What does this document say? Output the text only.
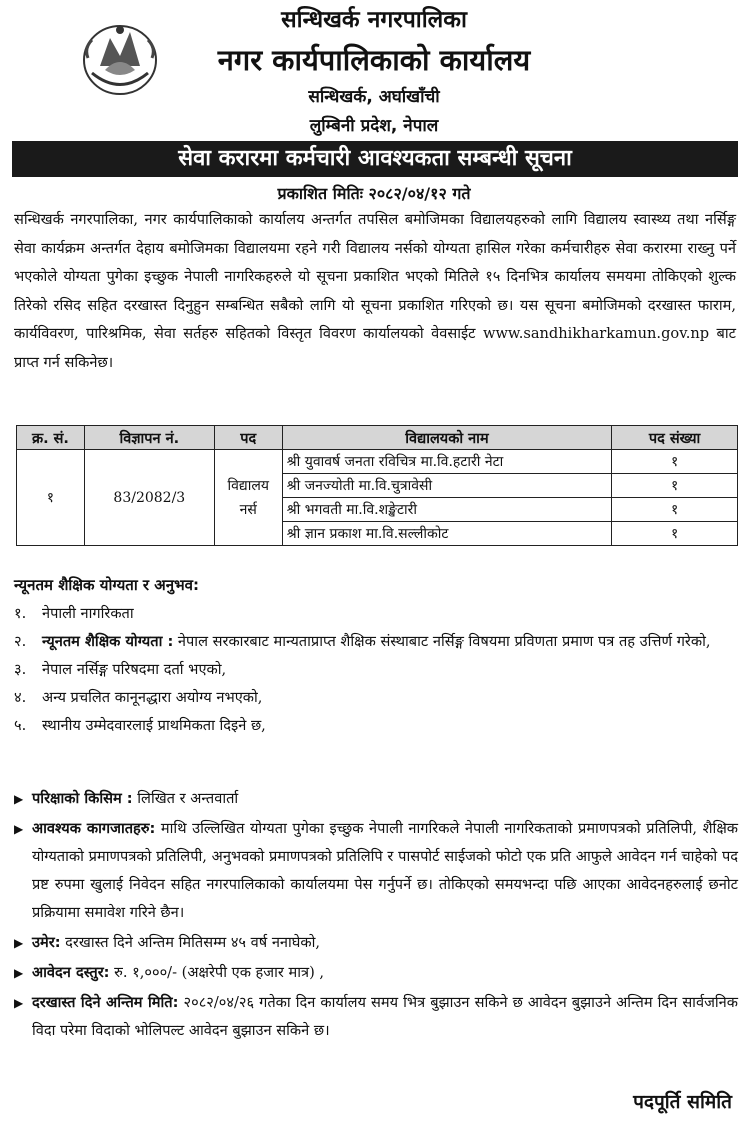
सन्धिखर्क नगरपालिका
नगर कार्यपालिकाको कार्यालय
सन्धिखर्क, अर्घाखाँची
लुम्बिनी प्रदेश, नेपाल
सेवा करारमा कर्मचारी आवश्यकता सम्बन्धी सूचना
प्रकाशित मितिः २०८२/०४/१२ गते
सन्धिखर्क नगरपालिका, नगर कार्यपालिकाको कार्यालय अन्तर्गत तपसिल बमोजिमका विद्यालयहरुको लागि विद्यालय स्वास्थ्य तथा नर्सिङ्ग सेवा कार्यक्रम अन्तर्गत देहाय बमोजिमका विद्यालयमा रहने गरी विद्यालय नर्सको योग्यता हासिल गरेका कर्मचारीहरु सेवा करारमा राख्नु पर्ने भएकोले योग्यता पुगेका इच्छुक नेपाली नागरिकहरुले यो सूचना प्रकाशित भएको मितिले १५ दिनभित्र कार्यालय समयमा तोकिएको शुल्क तिरेको रसिद सहित दरखास्त दिनुहुन सम्बन्धित सबैको लागि यो सूचना प्रकाशित गरिएको छ। यस सूचना बमोजिमको दरखास्त फाराम, कार्यविवरण, पारिश्रमिक, सेवा सर्तहरु सहितको विस्तृत विवरण कार्यालयको वेवसाईट www.sandhikharkamun.gov.np बाट प्राप्त गर्न सकिनेछ।
क्र. सं.	विज्ञापन नं.	पद	विद्यालयको नाम	पद संख्या
१	83/2082/3	विद्यालय नर्स	श्री युवावर्ष जनता रविचित्र मा.वि.हटारी नेटा	१
			श्री जनज्योती मा.वि.चुत्रावेसी	१
			श्री भगवती मा.वि.शङ्खेटारी	१
			श्री ज्ञान प्रकाश मा.वि.सल्लीकोट	१
न्यूनतम शैक्षिक योग्यता र अनुभव:
१.	नेपाली नागरिकता
२.	न्यूनतम शैक्षिक योग्यता : नेपाल सरकारबाट मान्यताप्राप्त शैक्षिक संस्थाबाट नर्सिङ्ग विषयमा प्रविणता प्रमाण पत्र तह उत्तिर्ण गरेको,
३.	नेपाल नर्सिङ्ग परिषदमा दर्ता भएको,
४.	अन्य प्रचलित कानूनद्धारा अयोग्य नभएको,
५.	स्थानीय उम्मेदवारलाई प्राथमिकता दिइने छ,
▶ परिक्षाको किसिम : लिखित र अन्तवार्ता
▶ आवश्यक कागजातहरु: माथि उल्लिखित योग्यता पुगेका इच्छुक नेपाली नागरिकले नेपाली नागरिकताको प्रमाणपत्रको प्रतिलिपी, शैक्षिक योग्यताको प्रमाणपत्रको प्रतिलिपी, अनुभवको प्रमाणपत्रको प्रतिलिपि र पासपोर्ट साईजको फोटो एक प्रति आफुले आवेदन गर्न चाहेको पद प्रष्ट रुपमा खुलाई निवेदन सहित नगरपालिकाको कार्यालयमा पेस गर्नुपर्ने छ। तोकिएको समयभन्दा पछि आएका आवेदनहरुलाई छनोट प्रक्रियामा समावेश गरिने छैन।
▶ उमेर: दरखास्त दिने अन्तिम मितिसम्म ४५ वर्ष ननाघेको,
▶ आवेदन दस्तुर: रु. १,०००/- (अक्षरेपी एक हजार मात्र) ,
▶ दरखास्त दिने अन्तिम मिति: २०८२/०४/२६ गतेका दिन कार्यालय समय भित्र बुझाउन सकिने छ आवेदन बुझाउने अन्तिम दिन सार्वजनिक विदा परेमा विदाको भोलिपल्ट आवेदन बुझाउन सकिने छ।
पदपूर्ति समिति
